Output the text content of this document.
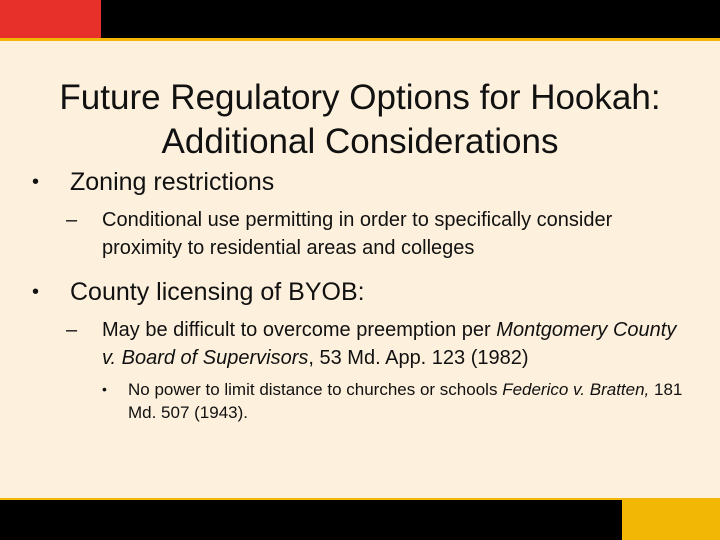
Future Regulatory Options for Hookah:
Additional Considerations
•	Zoning restrictions
–	Conditional use permitting in order to specifically consider proximity to residential areas and colleges
•	County licensing of BYOB:
–	May be difficult to overcome preemption per Montgomery County v. Board of Supervisors, 53 Md. App. 123 (1982)
•	No power to limit distance to churches or schools Federico v. Bratten, 181 Md. 507 (1943).
